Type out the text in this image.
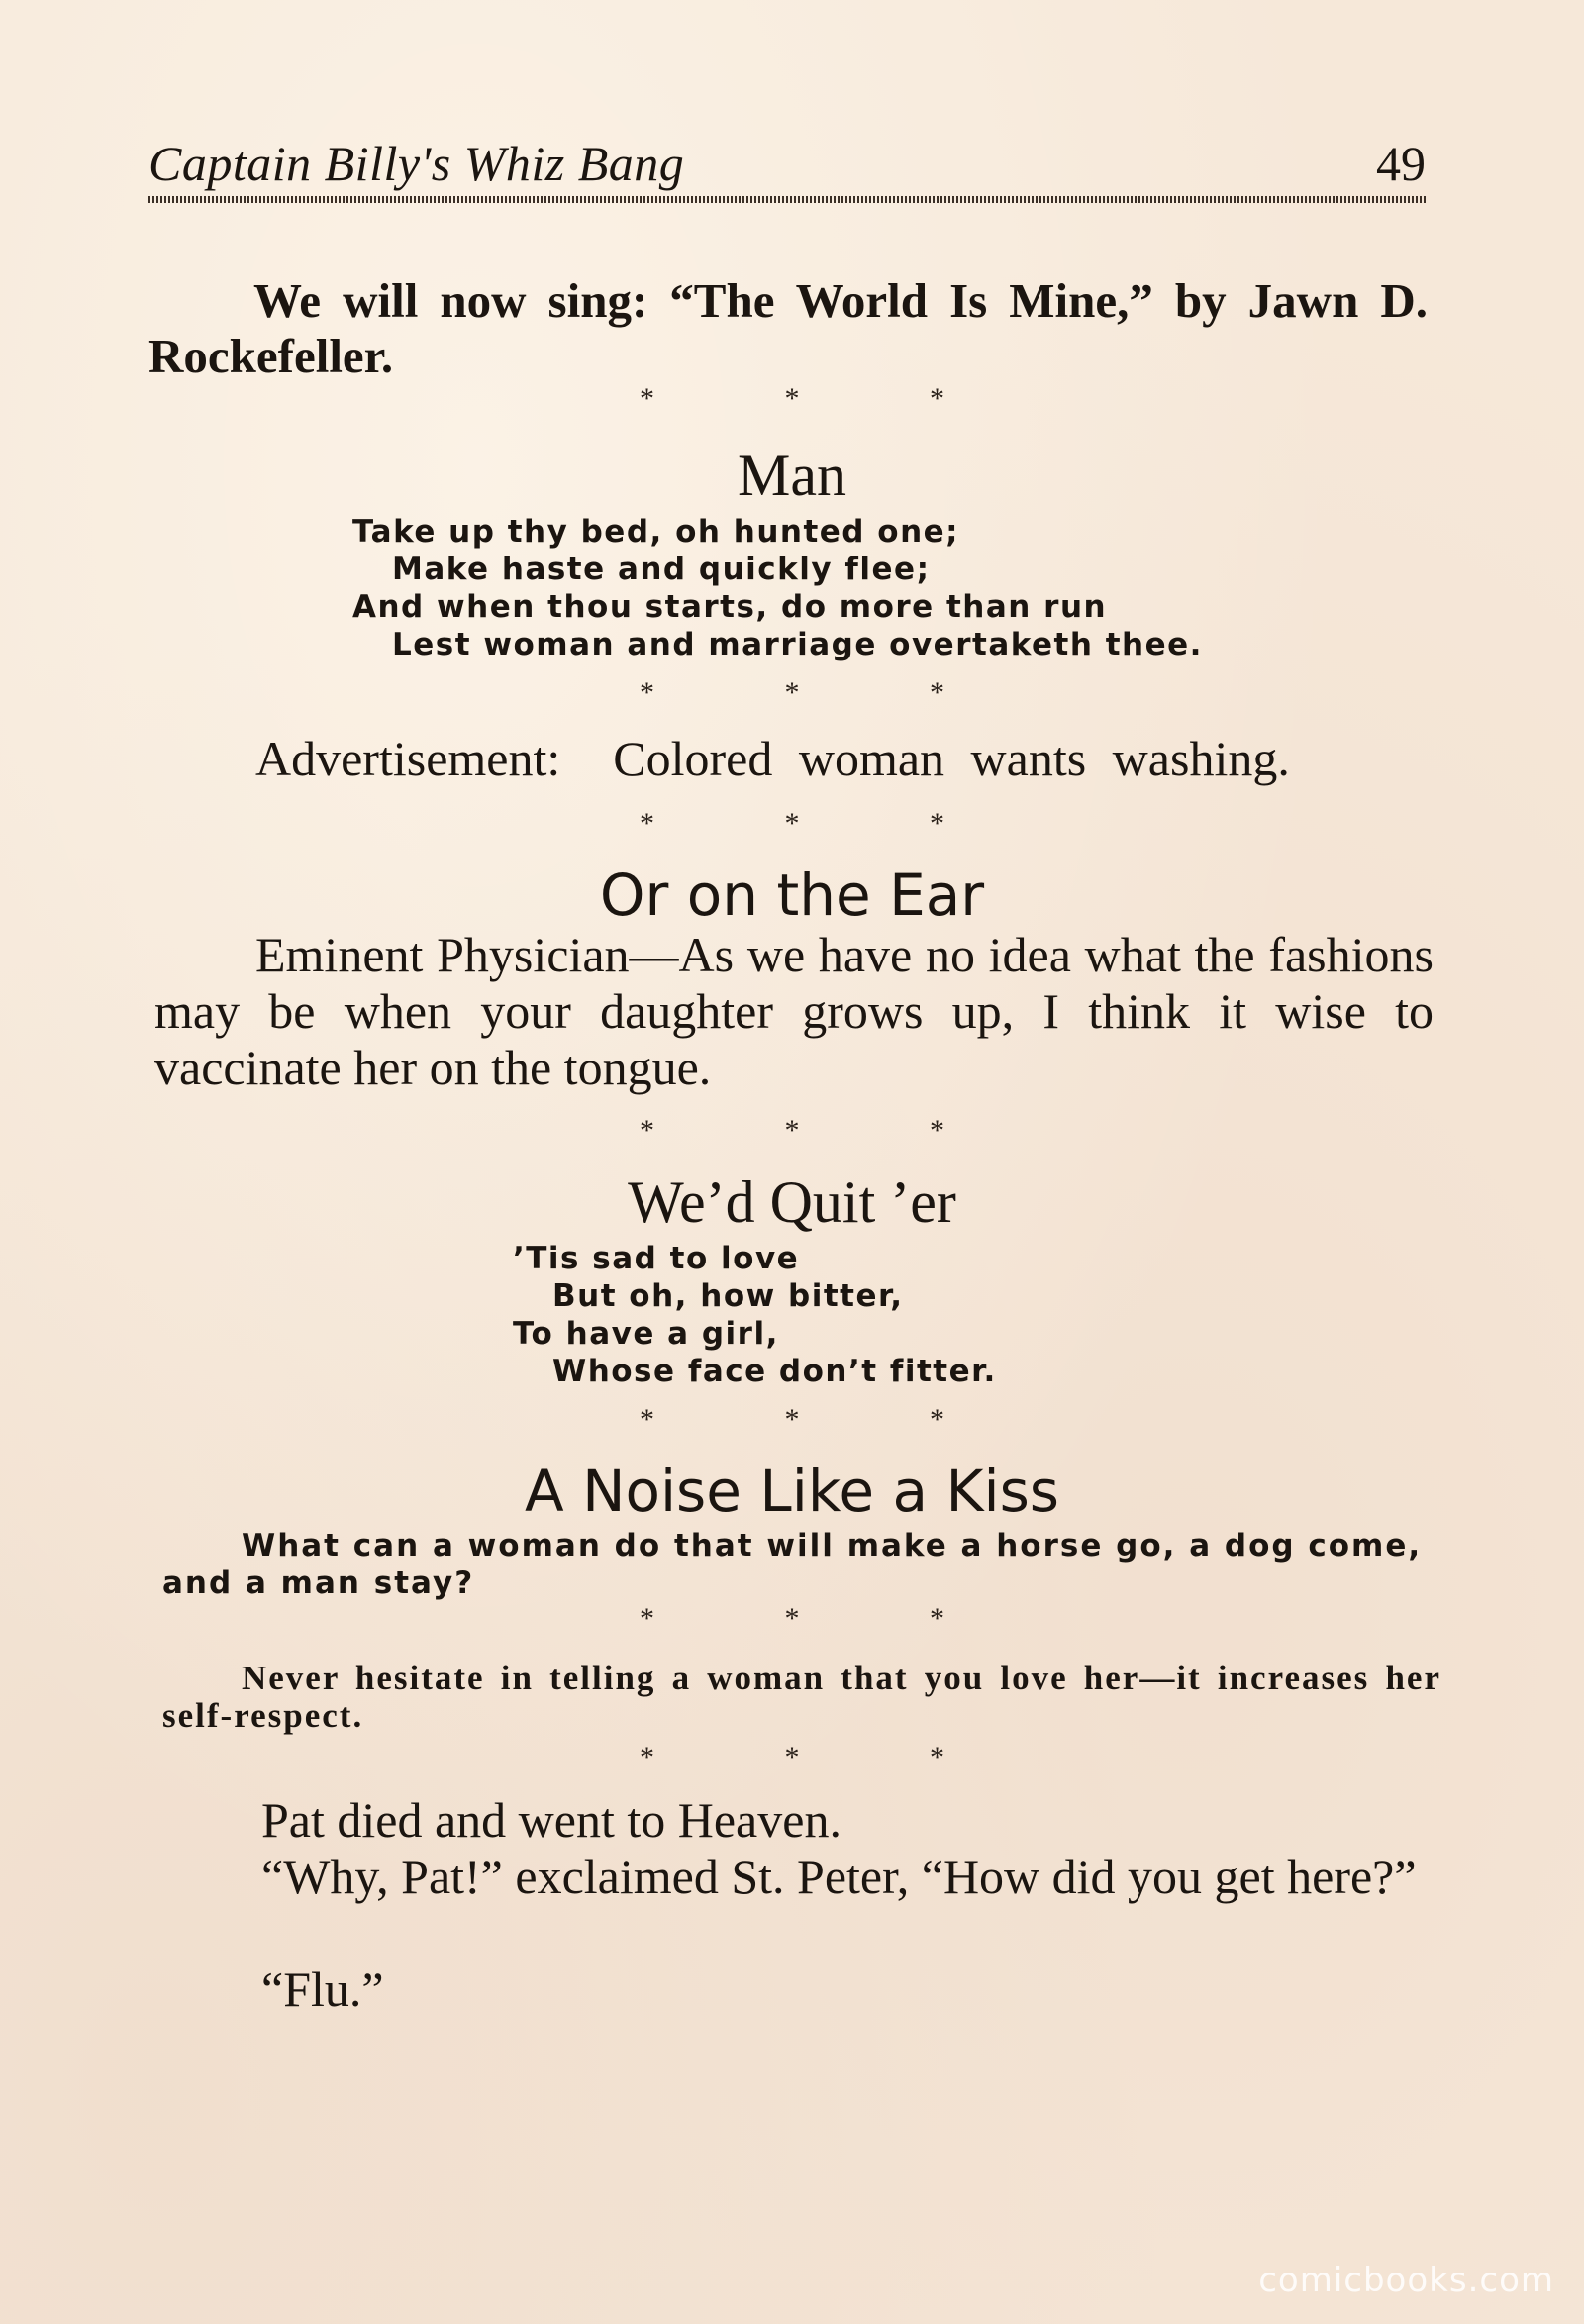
Captain Billy's Whiz Bang	49

We will now sing: “The World Is Mine,” by Jawn D. Rockefeller.

* * *
Man
Take up thy bed, oh hunted one;
Make haste and quickly flee;
And when thou starts, do more than run
Lest woman and marriage overtaketh thee.
* * *

Advertisement:  Colored woman wants washing.

* * *
Or on the Ear

Eminent Physician—As we have no idea what the fashions may be when your daughter grows up, I think it wise to vaccinate her on the tongue.

* * *
We’d Quit ’er
’Tis sad to love
But oh, how bitter,
To have a girl,
Whose face don’t fitter.
* * *
A Noise Like a Kiss

What can a woman do that will make a horse go, a dog come, and a man stay?

* * *

Never hesitate in telling a woman that you love her—it increases her self-respect.

* * *

Pat died and went to Heaven.

“Why, Pat!” exclaimed St. Peter, “How did you get here?”

“Flu.”

comicbooks.com
